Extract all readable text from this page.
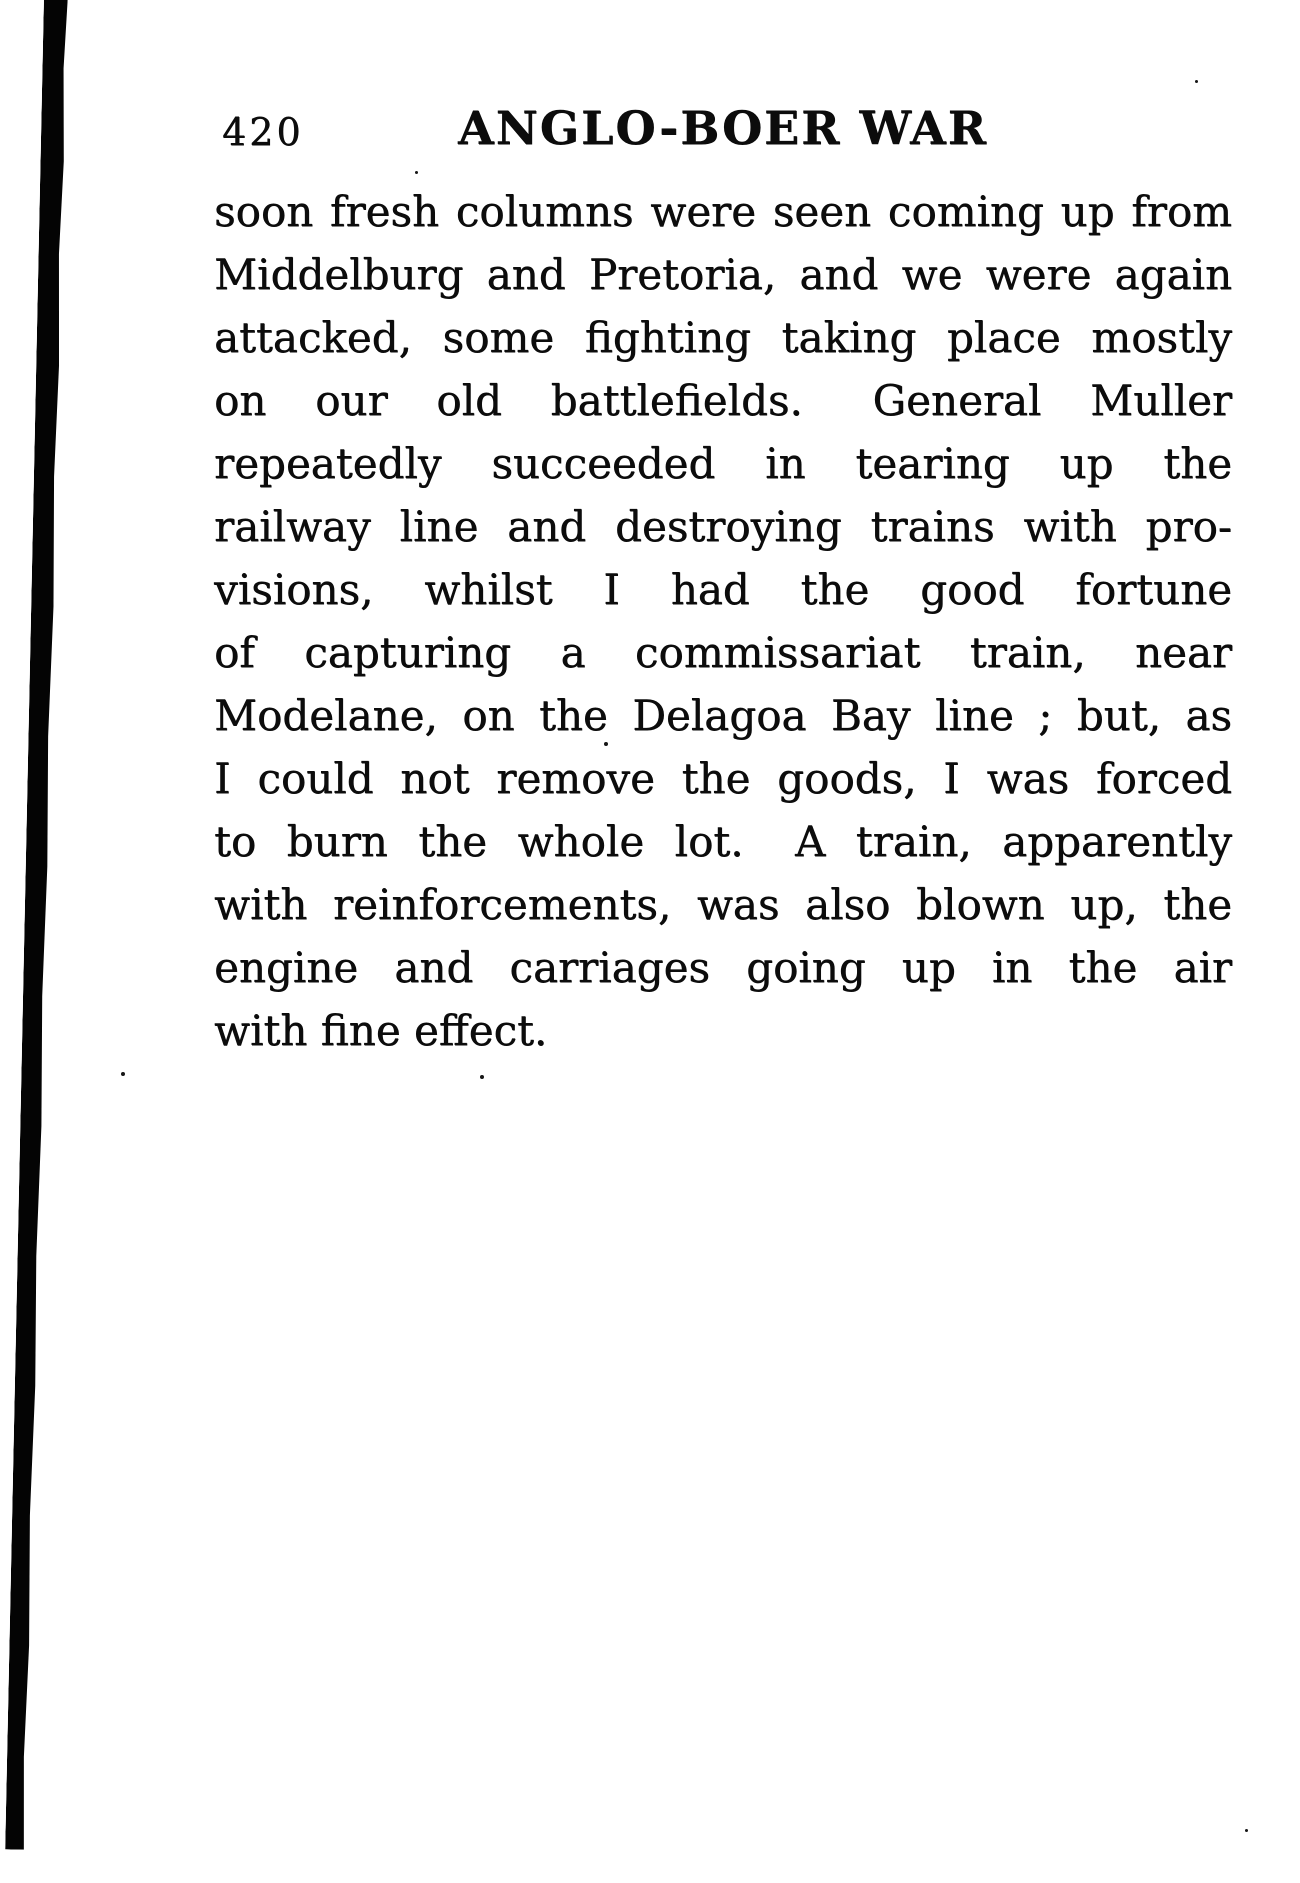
420	ANGLO-BOER WAR
soon fresh columns were seen coming up from
Middelburg and Pretoria, and we were again
attacked, some fighting taking place mostly
on our old battlefields.  General Muller
repeatedly succeeded in tearing up the
railway line and destroying trains with pro-
visions, whilst I had the good fortune
of capturing a commissariat train, near
Modelane, on the Delagoa Bay line ; but, as
I could not remove the goods, I was forced
to burn the whole lot.  A train, apparently
with reinforcements, was also blown up, the
engine and carriages going up in the air
with fine effect.
